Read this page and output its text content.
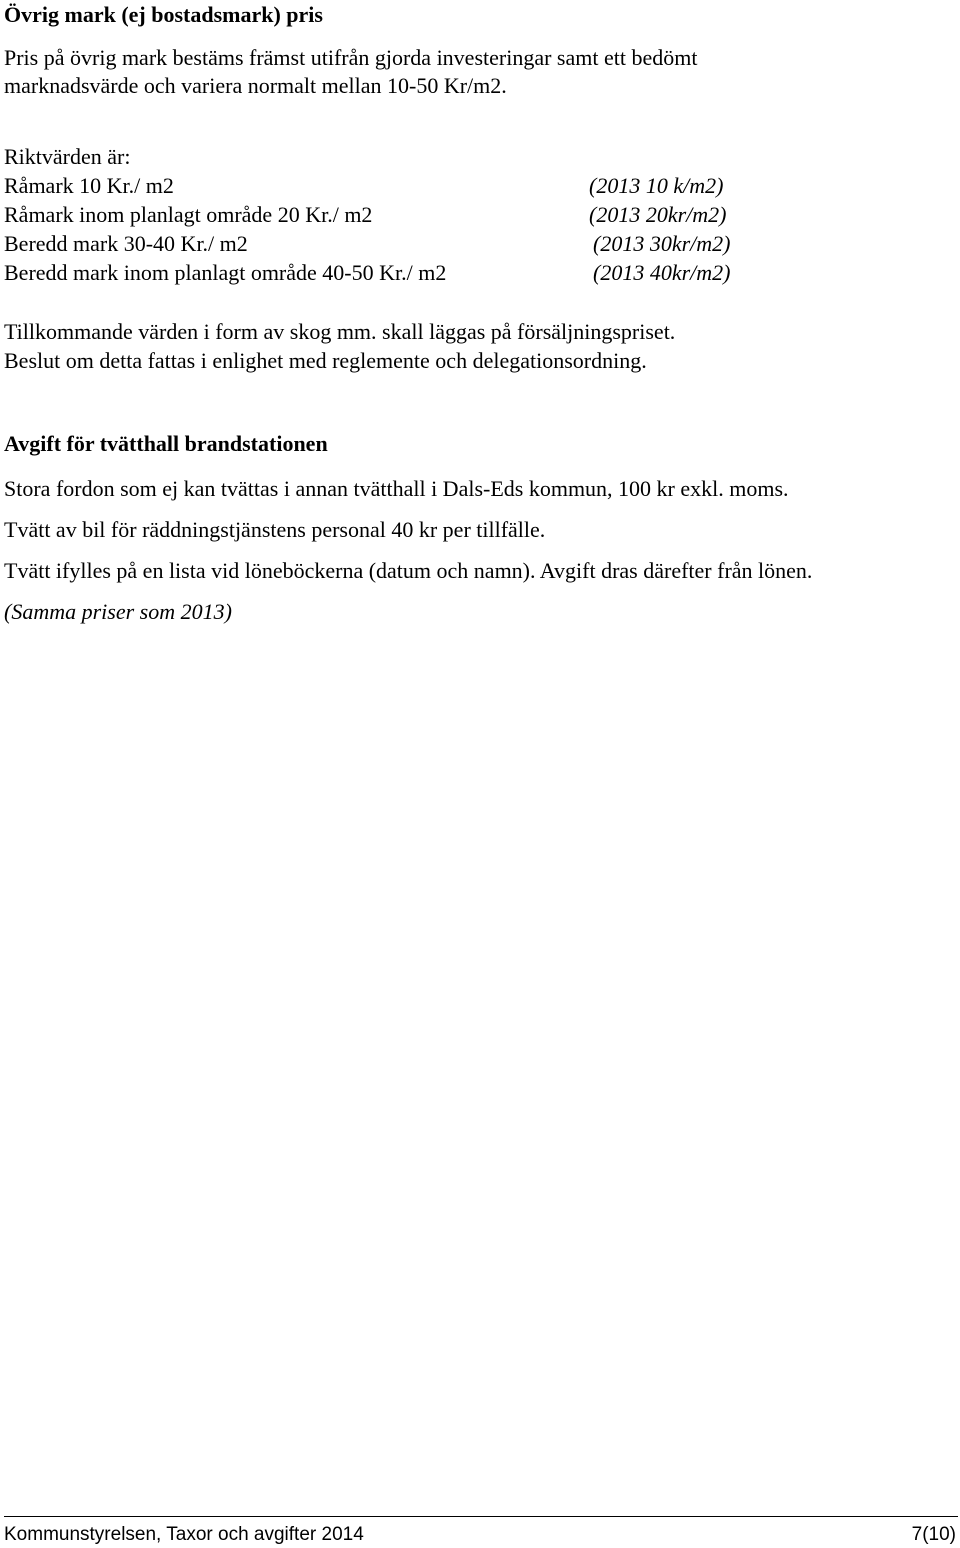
Övrig mark (ej bostadsmark) pris

Pris på övrig mark bestäms främst utifrån gjorda investeringar samt ett bedömt

marknadsvärde och variera normalt mellan 10-50 Kr/m2.

Riktvärden är:

Råmark 10 Kr./ m2	(2013 10 k/m2)
Råmark inom planlagt område 20 Kr./ m2	(2013 20kr/m2)
Beredd mark 30-40 Kr./ m2	(2013 30kr/m2)
Beredd mark inom planlagt område 40-50 Kr./ m2	(2013 40kr/m2)

Tillkommande värden i form av skog mm. skall läggas på försäljningspriset.

Beslut om detta fattas i enlighet med reglemente och delegationsordning.

Avgift för tvätthall brandstationen

Stora fordon som ej kan tvättas i annan tvätthall i Dals-Eds kommun, 100 kr exkl. moms.

Tvätt av bil för räddningstjänstens personal 40 kr per tillfälle.

Tvätt ifylles på en lista vid löneböckerna (datum och namn). Avgift dras därefter från lönen.

(Samma priser som 2013)

Kommunstyrelsen, Taxor och avgifter 2014	7(10)
